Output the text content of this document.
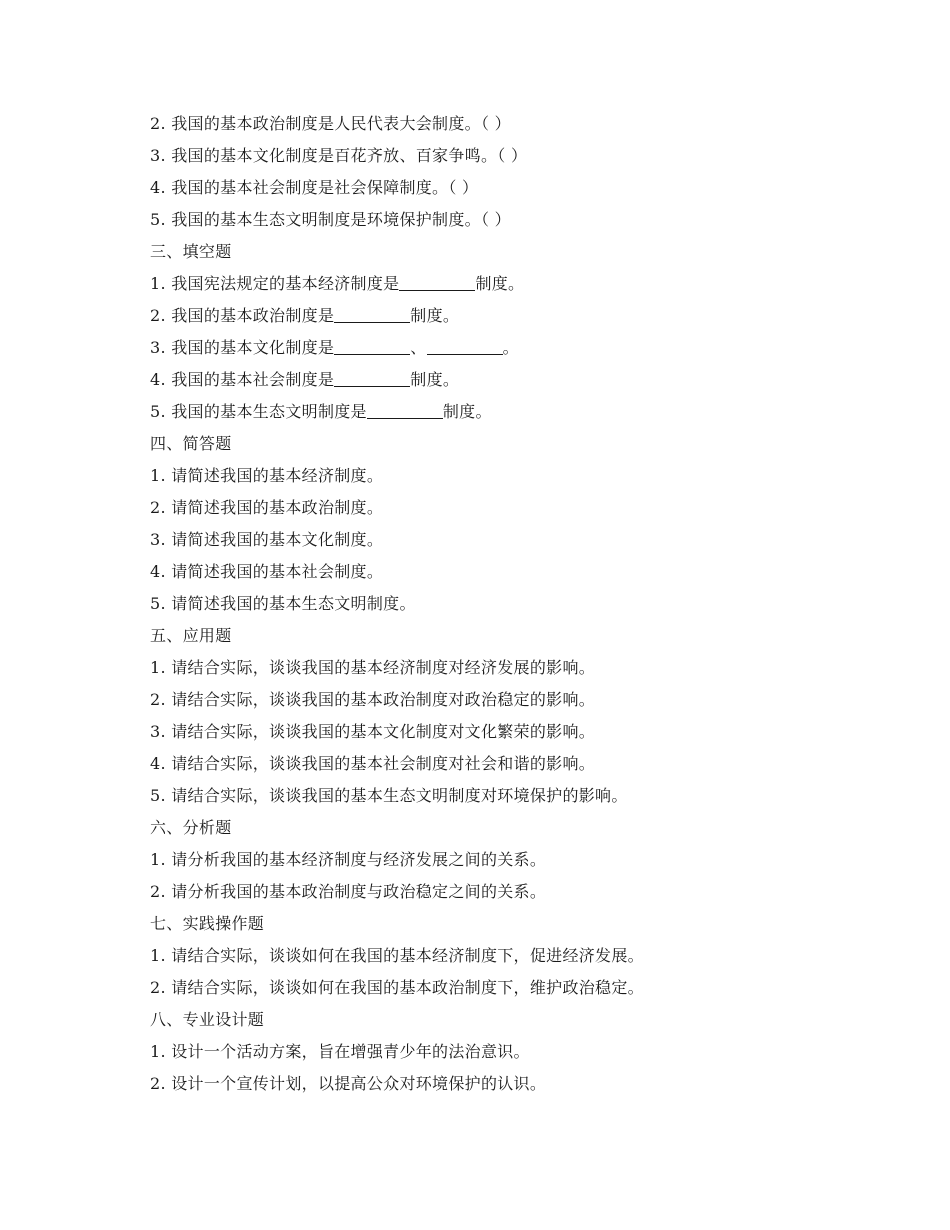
2. 我国的基本政治制度是人民代表大会制度。（ ）
3. 我国的基本文化制度是百花齐放、百家争鸣。（ ）
4. 我国的基本社会制度是社会保障制度。（ ）
5. 我国的基本生态文明制度是环境保护制度。（ ）
三、填空题
1. 我国宪法规定的基本经济制度是	制度。
2. 我国的基本政治制度是	制度。
3. 我国的基本文化制度是	、	。
4. 我国的基本社会制度是	制度。
5. 我国的基本生态文明制度是	制度。
四、简答题
1. 请简述我国的基本经济制度。
2. 请简述我国的基本政治制度。
3. 请简述我国的基本文化制度。
4. 请简述我国的基本社会制度。
5. 请简述我国的基本生态文明制度。
五、应用题
1. 请结合实际，谈谈我国的基本经济制度对经济发展的影响。
2. 请结合实际，谈谈我国的基本政治制度对政治稳定的影响。
3. 请结合实际，谈谈我国的基本文化制度对文化繁荣的影响。
4. 请结合实际，谈谈我国的基本社会制度对社会和谐的影响。
5. 请结合实际，谈谈我国的基本生态文明制度对环境保护的影响。
六、分析题
1. 请分析我国的基本经济制度与经济发展之间的关系。
2. 请分析我国的基本政治制度与政治稳定之间的关系。
七、实践操作题
1. 请结合实际，谈谈如何在我国的基本经济制度下，促进经济发展。
2. 请结合实际，谈谈如何在我国的基本政治制度下，维护政治稳定。
八、专业设计题
1. 设计一个活动方案，旨在增强青少年的法治意识。
2. 设计一个宣传计划，以提高公众对环境保护的认识。
